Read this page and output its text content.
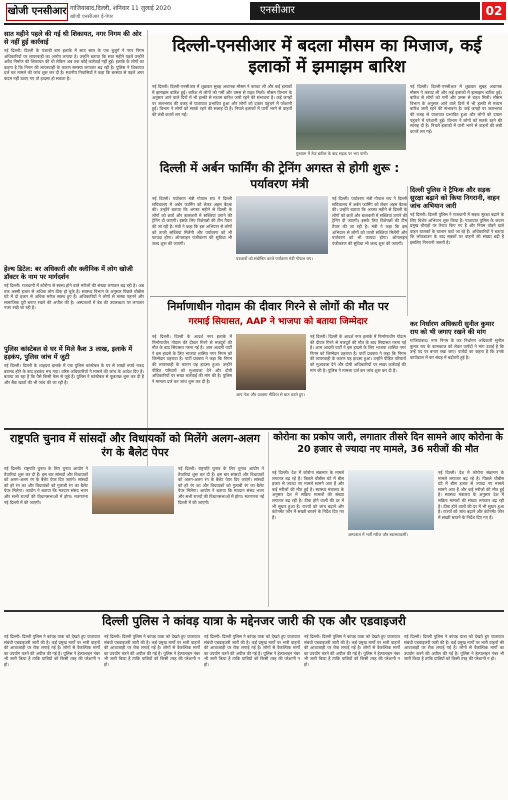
खोजी एनसीआर गाजियाबाद,दिल्ली, शनिवार 11 जुलाई 2020
खोजी एनसीआर ई-पेपर
एनसीआर	02
सात महीने पहले की गई थी शिकायत, नगर निगम की ओर से नहीं हुई कार्रवाई
नई दिल्ली। दिल्ली के पंजाबी बाग इलाके में साठ साल के एक बुजुर्ग ने नगर निगम अधिकारियों पर लापरवाही का आरोप लगाया है। उन्होंने बताया कि सात महीने पहले उन्होंने अवैध निर्माण की शिकायत की थी लेकिन अब तक कोई कार्रवाई नहीं हुई। इलाके के लोगों का कहना है कि निगम की लापरवाही के कारण समस्या लगातार बढ़ रही है। पुलिस ने शिकायत दर्ज कर मामले की जांच शुरू कर दी है। स्थानीय निवासियों ने कहा कि बरसात से पहले अगर कदम नहीं उठाए गए तो हादसा हो सकता है।
हेल्थ डिटेल: बर अधिकारी और क्लीनिक में लोग खोजी डॉक्टर के नाम पर मार्गदर्शन
नई दिल्ली। राजधानी में कोरोना से स्वस्थ होने वाले मरीजों की संख्या लगातार बढ़ रही है। अब तक अस्सी हजार से अधिक लोग ठीक हो चुके हैं। स्वास्थ्य विभाग के अनुसार पिछले चौबीस घंटे में दो हजार से अधिक मरीज स्वस्थ हुए हैं। अधिकारियों ने लोगों से मास्क पहनने और सामाजिक दूरी बनाए रखने की अपील की है। अस्पतालों में बेड की उपलब्धता पर लगातार नजर रखी जा रही है।
पुलिस कांस्टेबल से घर में मिले कैश 3 लाख, इलाके में हड़कंप, पुलिस जांच में जुटी
नई दिल्ली। दिल्ली के शाहदरा इलाके में एक पुलिस कांस्टेबल के घर से लाखों रुपये नकद बरामद होने के बाद हड़कंप मच गया। वरिष्ठ अधिकारियों ने मामले की जांच के आदेश दिए हैं। बताया जा रहा है कि पैसे किसी केस से जुड़े हैं। पुलिस ने कांस्टेबल से पूछताछ शुरू कर दी है और बैंक खातों की भी जांच की जा रही है।
दिल्ली-एनसीआर में बदला मौसम का मिजाज, कई इलाकों में झमाझम बारिश
नई दिल्ली। दिल्ली-एनसीआर में शुक्रवार सुबह अचानक मौसम ने करवट ली और कई इलाकों में झमाझम बारिश हुई। बारिश से लोगों को गर्मी और उमस से राहत मिली। मौसम विभाग के अनुसार आने वाले दिनों में भी हल्की से मध्यम बारिश जारी रहने की संभावना है। कई जगहों पर जलभराव की वजह से यातायात प्रभावित हुआ और लोगों को दफ्तर पहुंचने में परेशानी हुई। विभाग ने लोगों को सतर्क रहने की सलाह दी है। निचले इलाकों में पानी भरने से वाहनों की लंबी कतारें लग गईं।
गुरुग्राम में तेज बारिश के बाद सड़क पर भरा पानी।
नई दिल्ली। दिल्ली-एनसीआर में शुक्रवार सुबह अचानक मौसम ने करवट ली और कई इलाकों में झमाझम बारिश हुई। बारिश से लोगों को गर्मी और उमस से राहत मिली। मौसम विभाग के अनुसार आने वाले दिनों में भी हल्की से मध्यम बारिश जारी रहने की संभावना है। कई जगहों पर जलभराव की वजह से यातायात प्रभावित हुआ और लोगों को दफ्तर पहुंचने में परेशानी हुई। विभाग ने लोगों को सतर्क रहने की सलाह दी है। निचले इलाकों में पानी भरने से वाहनों की लंबी कतारें लग गईं।
दिल्ली में अर्बन फार्मिंग की ट्रेनिंग अगस्त से होगी शुरू : पर्यावरण मंत्री
नई दिल्ली। पर्यावरण मंत्री गोपाल राय ने दिल्ली सचिवालय में अर्बन फार्मिंग को लेकर अहम बैठक की। उन्होंने बताया कि अगस्त महीने से दिल्ली के लोगों को छतों और बालकनी में सब्जियां उगाने की ट्रेनिंग दी जाएगी। इसके लिए विशेषज्ञों की टीम तैयार की जा रही है। मंत्री ने कहा कि इस अभियान से लोगों को ताजी सब्जियां मिलेंगी और पर्यावरण को भी फायदा होगा। ऑनलाइन पंजीकरण की सुविधा भी जल्द शुरू की जाएगी।
पत्रकारों को संबोधित करते पर्यावरण मंत्री गोपाल राय।
नई दिल्ली। पर्यावरण मंत्री गोपाल राय ने दिल्ली सचिवालय में अर्बन फार्मिंग को लेकर अहम बैठक की। उन्होंने बताया कि अगस्त महीने से दिल्ली के लोगों को छतों और बालकनी में सब्जियां उगाने की ट्रेनिंग दी जाएगी। इसके लिए विशेषज्ञों की टीम तैयार की जा रही है। मंत्री ने कहा कि इस अभियान से लोगों को ताजी सब्जियां मिलेंगी और पर्यावरण को भी फायदा होगा। ऑनलाइन पंजीकरण की सुविधा भी जल्द शुरू की जाएगी।
दिल्ली पुलिस ने ट्रैफिक और सड़क सुरक्षा बढ़ाने को किया निगरानी, वाहन जांच अभियान जारी
नई दिल्ली। दिल्ली पुलिस ने राजधानी में सड़क सुरक्षा बढ़ाने के लिए विशेष अभियान शुरू किया है। यातायात पुलिस के जवान प्रमुख चौराहों पर तैनात किए गए हैं और नियम तोड़ने वाले वाहन चालकों के चालान काटे जा रहे हैं। अधिकारियों ने बताया कि लॉकडाउन के बाद सड़कों पर वाहनों की संख्या बढ़ी है इसलिए निगरानी जरूरी है।
कर निर्धारण अधिकारी सुनील कुमार राय को भी जगाए रखने की मांग
गाजियाबाद। नगर निगम के कर निर्धारण अधिकारी सुनील कुमार राय के कामकाज को लेकर पार्षदों ने मांग उठाई है कि उन्हें पद पर बनाए रखा जाए। पार्षदों का कहना है कि उनके कार्यकाल में कर संग्रह में बढ़ोतरी हुई है।
निर्माणाधीन गोदाम की दीवार गिरने से लोगों की मौत पर
गरमाई सियासत, AAP ने भाजपा को बताया जिम्मेदार
नई दिल्ली। दिल्ली के आदर्श नगर इलाके में निर्माणाधीन गोदाम की दीवार गिरने से मजदूरों की मौत के बाद सियासत गरमा गई है। आम आदमी पार्टी ने इस हादसे के लिए भाजपा शासित नगर निगम को जिम्मेदार ठहराया है। पार्टी प्रवक्ता ने कहा कि निगम की लापरवाही के कारण यह हादसा हुआ। उन्होंने पीड़ित परिवारों को मुआवजा देने और दोषी अधिकारियों पर सख्त कार्रवाई की मांग की है। पुलिस ने मामला दर्ज कर जांच शुरू कर दी है।
आप नेता और प्रवक्ता मीडिया से बात करते हुए।
नई दिल्ली। दिल्ली के आदर्श नगर इलाके में निर्माणाधीन गोदाम की दीवार गिरने से मजदूरों की मौत के बाद सियासत गरमा गई है। आम आदमी पार्टी ने इस हादसे के लिए भाजपा शासित नगर निगम को जिम्मेदार ठहराया है। पार्टी प्रवक्ता ने कहा कि निगम की लापरवाही के कारण यह हादसा हुआ। उन्होंने पीड़ित परिवारों को मुआवजा देने और दोषी अधिकारियों पर सख्त कार्रवाई की मांग की है। पुलिस ने मामला दर्ज कर जांच शुरू कर दी है।
राष्ट्रपति चुनाव में सांसदों और विधायकों को मिलेंगे अलग-अलग रंग के बैलेट पेपर
नई दिल्ली। राष्ट्रपति चुनाव के लिए चुनाव आयोग ने तैयारियां शुरू कर दी हैं। इस बार सांसदों और विधायकों को अलग-अलग रंग के बैलेट पेपर दिए जाएंगे। सांसदों को हरे रंग का और विधायकों को गुलाबी रंग का बैलेट पेपर मिलेगा। आयोग ने बताया कि मतदान संसद भवन और सभी राज्यों की विधानसभाओं में होगा। मतगणना नई दिल्ली में की जाएगी।
नई दिल्ली। राष्ट्रपति चुनाव के लिए चुनाव आयोग ने तैयारियां शुरू कर दी हैं। इस बार सांसदों और विधायकों को अलग-अलग रंग के बैलेट पेपर दिए जाएंगे। सांसदों को हरे रंग का और विधायकों को गुलाबी रंग का बैलेट पेपर मिलेगा। आयोग ने बताया कि मतदान संसद भवन और सभी राज्यों की विधानसभाओं में होगा। मतगणना नई दिल्ली में की जाएगी।
कोरोना का प्रकोप जारी, लगातार तीसरे दिन सामने आए कोरोना के 20 हजार से ज्यादा नए मामले, 36 मरीजों की मौत
नई दिल्ली। देश में कोरोना संक्रमण के मामले लगातार बढ़ रहे हैं। पिछले चौबीस घंटे में बीस हजार से ज्यादा नए मामले सामने आए हैं और कई मरीजों की मौत हुई है। स्वास्थ्य मंत्रालय के अनुसार देश में सक्रिय मामलों की संख्या लगातार बढ़ रही है। ठीक होने वालों की दर में भी सुधार हुआ है। राज्यों को जांच बढ़ाने और कंटेनमेंट जोन में सख्ती बरतने के निर्देश दिए गए हैं।
अस्पताल में भर्ती मरीज और स्वास्थ्यकर्मी।
नई दिल्ली। देश में कोरोना संक्रमण के मामले लगातार बढ़ रहे हैं। पिछले चौबीस घंटे में बीस हजार से ज्यादा नए मामले सामने आए हैं और कई मरीजों की मौत हुई है। स्वास्थ्य मंत्रालय के अनुसार देश में सक्रिय मामलों की संख्या लगातार बढ़ रही है। ठीक होने वालों की दर में भी सुधार हुआ है। राज्यों को जांच बढ़ाने और कंटेनमेंट जोन में सख्ती बरतने के निर्देश दिए गए हैं।
दिल्ली पुलिस ने कांवड़ यात्रा के मद्देनजर जारी की एक और एडवाइजरी
नई दिल्ली। दिल्ली पुलिस ने कांवड़ यात्रा को देखते हुए यातायात संबंधी एडवाइजरी जारी की है। कई प्रमुख मार्गों पर भारी वाहनों की आवाजाही पर रोक लगाई गई है। लोगों से वैकल्पिक मार्गों का उपयोग करने की अपील की गई है। पुलिस ने हेल्पलाइन नंबर भी जारी किया है ताकि यात्रियों को किसी तरह की परेशानी न हो।
नई दिल्ली। दिल्ली पुलिस ने कांवड़ यात्रा को देखते हुए यातायात संबंधी एडवाइजरी जारी की है। कई प्रमुख मार्गों पर भारी वाहनों की आवाजाही पर रोक लगाई गई है। लोगों से वैकल्पिक मार्गों का उपयोग करने की अपील की गई है। पुलिस ने हेल्पलाइन नंबर भी जारी किया है ताकि यात्रियों को किसी तरह की परेशानी न हो।
नई दिल्ली। दिल्ली पुलिस ने कांवड़ यात्रा को देखते हुए यातायात संबंधी एडवाइजरी जारी की है। कई प्रमुख मार्गों पर भारी वाहनों की आवाजाही पर रोक लगाई गई है। लोगों से वैकल्पिक मार्गों का उपयोग करने की अपील की गई है। पुलिस ने हेल्पलाइन नंबर भी जारी किया है ताकि यात्रियों को किसी तरह की परेशानी न हो।
नई दिल्ली। दिल्ली पुलिस ने कांवड़ यात्रा को देखते हुए यातायात संबंधी एडवाइजरी जारी की है। कई प्रमुख मार्गों पर भारी वाहनों की आवाजाही पर रोक लगाई गई है। लोगों से वैकल्पिक मार्गों का उपयोग करने की अपील की गई है। पुलिस ने हेल्पलाइन नंबर भी जारी किया है ताकि यात्रियों को किसी तरह की परेशानी न हो।
नई दिल्ली। दिल्ली पुलिस ने कांवड़ यात्रा को देखते हुए यातायात संबंधी एडवाइजरी जारी की है। कई प्रमुख मार्गों पर भारी वाहनों की आवाजाही पर रोक लगाई गई है। लोगों से वैकल्पिक मार्गों का उपयोग करने की अपील की गई है। पुलिस ने हेल्पलाइन नंबर भी जारी किया है ताकि यात्रियों को किसी तरह की परेशानी न हो।
